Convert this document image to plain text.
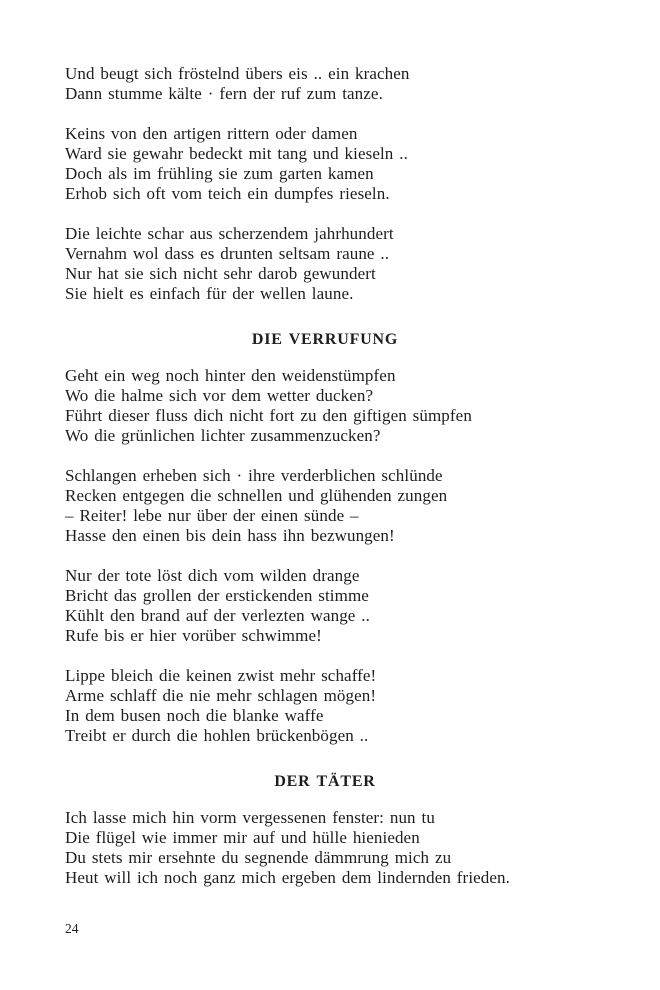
Und beugt sich fröstelnd übers eis .. ein krachen
Dann stumme kälte · fern der ruf zum tanze.
Keins von den artigen rittern oder damen
Ward sie gewahr bedeckt mit tang und kieseln ..
Doch als im frühling sie zum garten kamen
Erhob sich oft vom teich ein dumpfes rieseln.
Die leichte schar aus scherzendem jahrhundert
Vernahm wol dass es drunten seltsam raune ..
Nur hat sie sich nicht sehr darob gewundert
Sie hielt es einfach für der wellen laune.
DIE VERRUFUNG
Geht ein weg noch hinter den weidenstümpfen
Wo die halme sich vor dem wetter ducken?
Führt dieser fluss dich nicht fort zu den giftigen sümpfen
Wo die grünlichen lichter zusammenzucken?
Schlangen erheben sich · ihre verderblichen schlünde
Recken entgegen die schnellen und glühenden zungen
– Reiter! lebe nur über der einen sünde –
Hasse den einen bis dein hass ihn bezwungen!
Nur der tote löst dich vom wilden drange
Bricht das grollen der erstickenden stimme
Kühlt den brand auf der verlezten wange ..
Rufe bis er hier vorüber schwimme!
Lippe bleich die keinen zwist mehr schaffe!
Arme schlaff die nie mehr schlagen mögen!
In dem busen noch die blanke waffe
Treibt er durch die hohlen brückenbögen ..
DER TÄTER
Ich lasse mich hin vorm vergessenen fenster: nun tu
Die flügel wie immer mir auf und hülle hienieden
Du stets mir ersehnte du segnende dämmrung mich zu
Heut will ich noch ganz mich ergeben dem lindernden frieden.
24
